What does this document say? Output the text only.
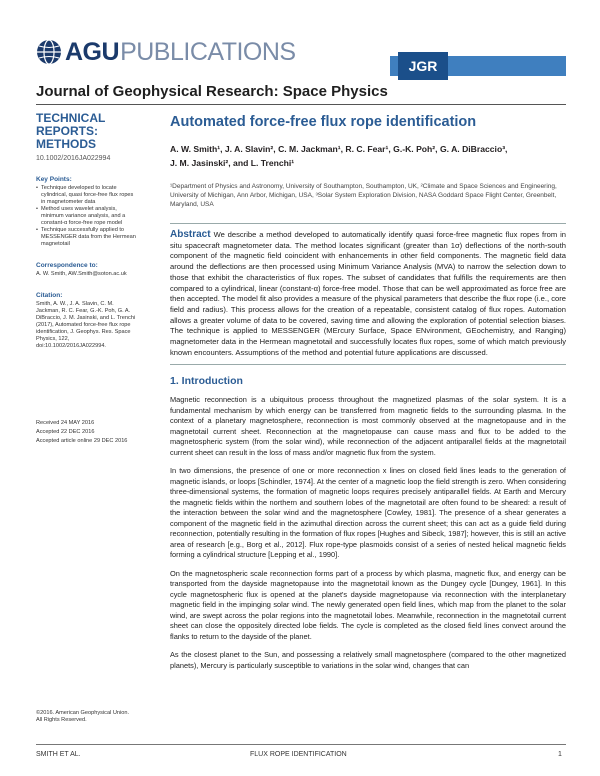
AGU PUBLICATIONS
JGR
Journal of Geophysical Research: Space Physics
TECHNICAL REPORTS: METHODS
10.1002/2016JA022994
Key Points:
• Technique developed to locate cylindrical, quasi force-free flux ropes in magnetometer data
• Method uses wavelet analysis, minimum variance analysis, and a constant-α force-free rope model
• Technique successfully applied to MESSENGER data from the Hermean magnetotail
Correspondence to:
A. W. Smith, AW.Smith@soton.ac.uk
Citation:
Smith, A. W., J. A. Slavin, C. M. Jackman, R. C. Fear, G.-K. Poh, G. A. DiBraccio, J. M. Jasinski, and L. Trenchi (2017), Automated force-free flux rope identification, J. Geophys. Res. Space Physics, 122, doi:10.1002/2016JA022994.
Received 24 MAY 2016
Accepted 22 DEC 2016
Accepted article online 29 DEC 2016
©2016. American Geophysical Union. All Rights Reserved.
Automated force-free flux rope identification
A. W. Smith¹, J. A. Slavin², C. M. Jackman¹, R. C. Fear¹, G.-K. Poh², G. A. DiBraccio³,
J. M. Jasinski², and L. Trenchi¹
¹Department of Physics and Astronomy, University of Southampton, Southampton, UK, ²Climate and Space Sciences and Engineering, University of Michigan, Ann Arbor, Michigan, USA, ³Solar System Exploration Division, NASA Goddard Space Flight Center, Greenbelt, Maryland, USA

Abstract We describe a method developed to automatically identify quasi force-free magnetic flux ropes from in situ spacecraft magnetometer data. The method locates significant (greater than 1σ) deflections of the north-south component of the magnetic field coincident with enhancements in other field components. The magnetic field data around the deflections are then processed using Minimum Variance Analysis (MVA) to narrow the selection down to those that exhibit the characteristics of flux ropes. The subset of candidates that fulfills the requirements are then compared to a cylindrical, linear (constant-α) force-free model. Those that can be well approximated as force free are then accepted. The model fit also provides a measure of the physical parameters that describe the flux rope (i.e., core field and radius). This process allows for the creation of a repeatable, consistent catalog of flux ropes. Automation allows a greater volume of data to be covered, saving time and allowing the exploration of potential selection biases. The technique is applied to MESSENGER (MErcury Surface, Space ENvironment, GEochemistry, and Ranging) magnetometer data in the Hermean magnetotail and successfully locates flux ropes, some of which match previously known encounters. Assumptions of the method and potential future applications are discussed.

1. Introduction

Magnetic reconnection is a ubiquitous process throughout the magnetized plasmas of the solar system. It is a fundamental mechanism by which energy can be transferred from magnetic fields to the surrounding plasma. In the context of a planetary magnetosphere, reconnection is most commonly observed at the magnetopause and in the magnetotail current sheet. Reconnection at the magnetopause can cause mass and flux to be added to the magnetospheric system (from the solar wind), while reconnection of the adjacent antiparallel fields at the magnetotail current sheet can result in the loss of mass and/or magnetic flux from the system.

In two dimensions, the presence of one or more reconnection x lines on closed field lines leads to the generation of magnetic islands, or loops [Schindler, 1974]. At the center of a magnetic loop the field strength is zero. When considering three-dimensional systems, the formation of magnetic loops requires precisely antiparallel fields. At Earth and Mercury the magnetic fields within the northern and southern lobes of the magnetotail are often found to be sheared: a result of the interaction between the solar wind and the magnetosphere [Cowley, 1981]. The presence of a shear generates a component of the magnetic field in the azimuthal direction across the current sheet; this can act as a guide field during reconnection, potentially resulting in the formation of flux ropes [Hughes and Sibeck, 1987]; however, this is still an active area of research [e.g., Borg et al., 2012]. Flux rope-type plasmoids consist of a series of nested helical magnetic fields forming a cylindrical structure [Lepping et al., 1990].

On the magnetospheric scale reconnection forms part of a process by which plasma, magnetic flux, and energy can be transported from the dayside magnetopause into the magnetotail known as the Dungey cycle [Dungey, 1961]. In this cycle magnetospheric flux is opened at the planet's dayside magnetopause via reconnection with the interplanetary magnetic field in the impinging solar wind. The newly generated open field lines, which map from the planet to the solar wind, are swept across the polar regions into the magnetotail lobes. Meanwhile, reconnection in the magnetotail current sheet can close the oppositely directed lobe fields. The cycle is completed as the closed field lines convect around the flanks to return to the dayside of the planet.

As the closest planet to the Sun, and possessing a relatively small magnetosphere (compared to the other magnetized planets), Mercury is particularly susceptible to variations in the solar wind, changes that can

SMITH ET AL.	FLUX ROPE IDENTIFICATION	1
